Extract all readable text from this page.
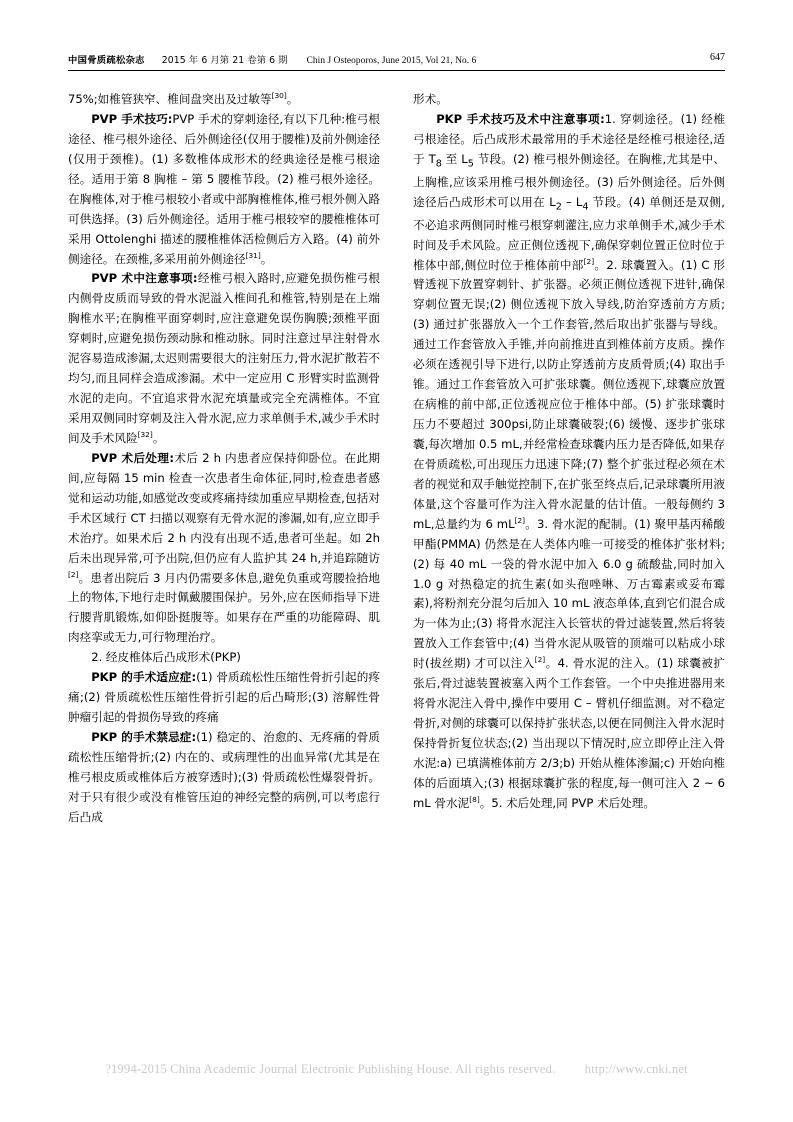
中国骨质疏松杂志 2015 年 6 月第 21 卷第 6 期 Chin J Osteoporos, June 2015, Vol 21, No. 6	647

75%;如椎管狭窄、椎间盘突出及过敏等[30]。

PVP 手术技巧:PVP 手术的穿刺途径,有以下几种:椎弓根途径、椎弓根外途径、后外侧途径(仅用于腰椎)及前外侧途径(仅用于颈椎)。(1) 多数椎体成形术的经典途径是椎弓根途径。适用于第 8 胸椎 – 第 5 腰椎节段。(2) 椎弓根外途径。在胸椎体,对于椎弓根较小者或中部胸椎椎体,椎弓根外侧入路可供选择。(3) 后外侧途径。适用于椎弓根较窄的腰椎椎体可采用 Ottolenghi 描述的腰椎椎体活检侧后方入路。(4) 前外侧途径。在颈椎,多采用前外侧途径[31]。

PVP 术中注意事项:经椎弓根入路时,应避免损伤椎弓根内侧骨皮质而导致的骨水泥溢入椎间孔和椎管,特别是在上端胸椎水平;在胸椎平面穿刺时,应注意避免误伤胸膜;颈椎平面穿刺时,应避免损伤颈动脉和椎动脉。同时注意过早注射骨水泥容易造成渗漏,太迟则需要很大的注射压力,骨水泥扩散若不均匀,而且同样会造成渗漏。术中一定应用 C 形臂实时监测骨水泥的走向。不宜追求骨水泥充填量或完全充满椎体。不宜采用双侧同时穿刺及注入骨水泥,应力求单侧手术,减少手术时间及手术风险[32]。

PVP 术后处理:术后 2 h 内患者应保持仰卧位。在此期间,应每隔 15 min 检查一次患者生命体征,同时,检查患者感觉和运动功能,如感觉改变或疼痛持续加重应早期检查,包括对手术区域行 CT 扫描以观察有无骨水泥的渗漏,如有,应立即手术治疗。如果术后 2 h 内没有出现不适,患者可坐起。如 2h 后未出现异常,可予出院,但仍应有人监护其 24 h,并追踪随访[2]。患者出院后 3 月内仍需要多休息,避免负重或弯腰捡拾地上的物体,下地行走时佩戴腰围保护。另外,应在医师指导下进行腰背肌锻炼,如仰卧挺腹等。如果存在严重的功能障碍、肌肉痉挛或无力,可行物理治疗。

2. 经皮椎体后凸成形术(PKP)

PKP 的手术适应症:(1) 骨质疏松性压缩性骨折引起的疼痛;(2) 骨质疏松性压缩性骨折引起的后凸畸形;(3) 溶解性骨肿瘤引起的骨损伤导致的疼痛

PKP 的手术禁忌症:(1) 稳定的、治愈的、无疼痛的骨质疏松性压缩骨折;(2) 内在的、或病理性的出血异常(尤其是在椎弓根皮质或椎体后方被穿透时);(3) 骨质疏松性爆裂骨折。对于只有很少或没有椎管压迫的神经完整的病例,可以考虑行后凸成

形术。

PKP 手术技巧及术中注意事项:1. 穿刺途径。(1) 经椎弓根途径。后凸成形术最常用的手术途径是经椎弓根途径,适于 $T_8$ 至 $L_5$ 节段。(2) 椎弓根外侧途径。在胸椎,尤其是中、上胸椎,应该采用椎弓根外侧途径。(3) 后外侧途径。后外侧途径后凸成形术可以用在 $L_2 - L_4$ 节段。(4) 单侧还是双侧,不必追求两侧同时椎弓根穿刺灌注,应力求单侧手术,减少手术时间及手术风险。应正侧位透视下,确保穿刺位置正位时位于椎体中部,侧位时位于椎体前中部[2]。2. 球囊置入。(1) C 形臂透视下放置穿刺针、扩张器。必须正侧位透视下进针,确保穿刺位置无误;(2) 侧位透视下放入导线,防治穿透前方方质;(3) 通过扩张器放入一个工作套管,然后取出扩张器与导线。通过工作套管放入手锥,并向前推进直到椎体前方皮质。操作必须在透视引导下进行,以防止穿透前方皮质骨质;(4) 取出手锥。通过工作套管放入可扩张球囊。侧位透视下,球囊应放置在病椎的前中部,正位透视应位于椎体中部。(5) 扩张球囊时压力不要超过 300psi,防止球囊破裂;(6) 缓慢、逐步扩张球囊,每次增加 0.5 mL,并经常检查球囊内压力是否降低,如果存在骨质疏松,可出现压力迅速下降;(7) 整个扩张过程必须在术者的视觉和双手触觉控制下,在扩张至终点后,记录球囊所用液体量,这个容量可作为注入骨水泥量的估计值。一般每侧约 3 mL,总量约为 6 mL[2]。3. 骨水泥的配制。(1) 聚甲基丙稀酸甲酯(PMMA) 仍然是在人类体内唯一可接受的椎体扩张材料;(2) 每 40 mL 一袋的骨水泥中加入 6.0 g 硫酸盐,同时加入 1.0 g 对热稳定的抗生素(如头孢唑啉、万古霉素或妥布霉素),将粉剂充分混匀后加入 10 mL 液态单体,直到它们混合成为一体为止;(3) 将骨水泥注入长管状的骨过滤装置,然后将装置放入工作套管中;(4) 当骨水泥从吸管的顶端可以粘成小球时(拔丝期) 才可以注入[2]。4. 骨水泥的注入。(1) 球囊被扩张后,骨过滤装置被塞入两个工作套管。一个中央推进器用来将骨水泥注入骨中,操作中要用 C – 臂机仔细监测。对不稳定骨折,对侧的球囊可以保持扩张状态,以便在同侧注入骨水泥时保持骨折复位状态;(2) 当出现以下情况时,应立即停止注入骨水泥:a) 已填满椎体前方 2/3;b) 开始从椎体渗漏;c) 开始向椎体的后面填入;(3) 根据球囊扩张的程度,每一侧可注入 2 ~ 6 mL 骨水泥[8]。5. 术后处理,同 PVP 术后处理。

?1994-2015 China Academic Journal Electronic Publishing House. All rights reserved. http://www.cnki.net
